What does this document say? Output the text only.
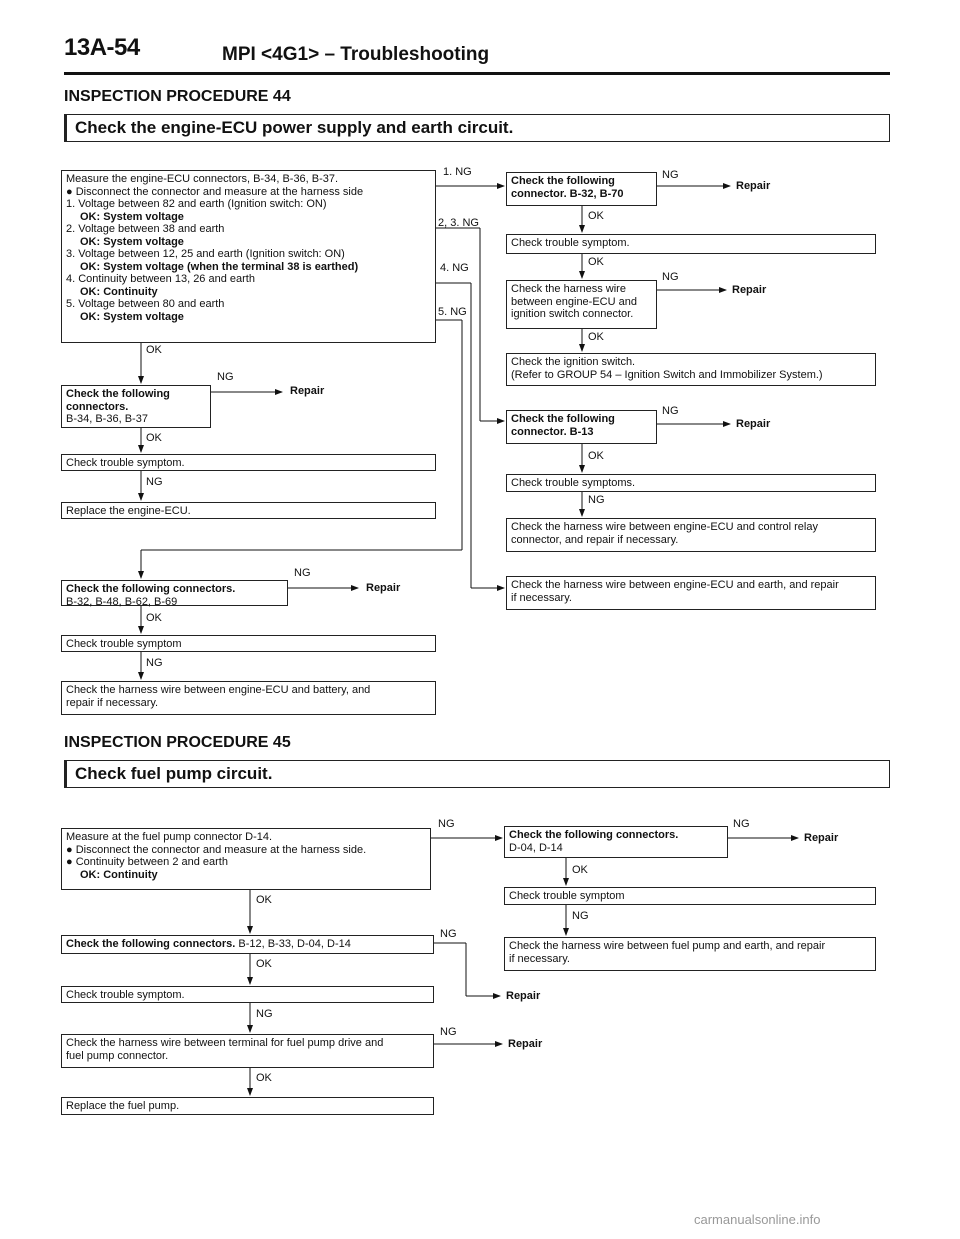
13A-54	MPI <4G1> – Troubleshooting
INSPECTION PROCEDURE 44
Check the engine-ECU power supply and earth circuit.
Measure the engine-ECU connectors, B-34, B-36, B-37.
● Disconnect the connector and measure at the harness side
1. Voltage between 82 and earth (Ignition switch: ON)
OK: System voltage
2. Voltage between 38 and earth
OK: System voltage
3. Voltage between 12, 25 and earth (Ignition switch: ON)
OK: System voltage (when the terminal 38 is earthed)
4. Continuity between 13, 26 and earth
OK: Continuity
5. Voltage between 80 and earth
OK: System voltage
1. NG
2, 3. NG
4. NG
5. NG
Check the following
connector. B-32, B-70
NG
Repair
OK
Check trouble symptom.
OK
Check the harness wire
between engine-ECU and
ignition switch connector.
NG
Repair
OK
Check the ignition switch.
(Refer to GROUP 54 – Ignition Switch and Immobilizer System.)
Check the following
connector. B-13
NG
Repair
OK
Check trouble symptoms.
NG
Check the harness wire between engine-ECU and control relay
connector, and repair if necessary.
Check the harness wire between engine-ECU and earth, and repair
if necessary.
OK
Check the following
connectors.
B-34, B-36, B-37
NG
Repair
OK
Check trouble symptom.
NG
Replace the engine-ECU.
Check the following connectors.
B-32, B-48, B-62, B-69
NG
Repair
OK
Check trouble symptom
NG
Check the harness wire between engine-ECU and battery, and
repair if necessary.
INSPECTION PROCEDURE 45
Check fuel pump circuit.
Measure at the fuel pump connector D-14.
● Disconnect the connector and measure at the harness side.
● Continuity between 2 and earth
OK: Continuity
NG
Check the following connectors.
D-04, D-14
NG
Repair
OK
Check trouble symptom
NG
Check the harness wire between fuel pump and earth, and repair
if necessary.
OK
Check the following connectors. B-12, B-33, D-04, D-14
NG
Repair
OK
Check trouble symptom.
NG
Check the harness wire between terminal for fuel pump drive and
fuel pump connector.
NG
Repair
OK
Replace the fuel pump.
carmanualsonline.info
